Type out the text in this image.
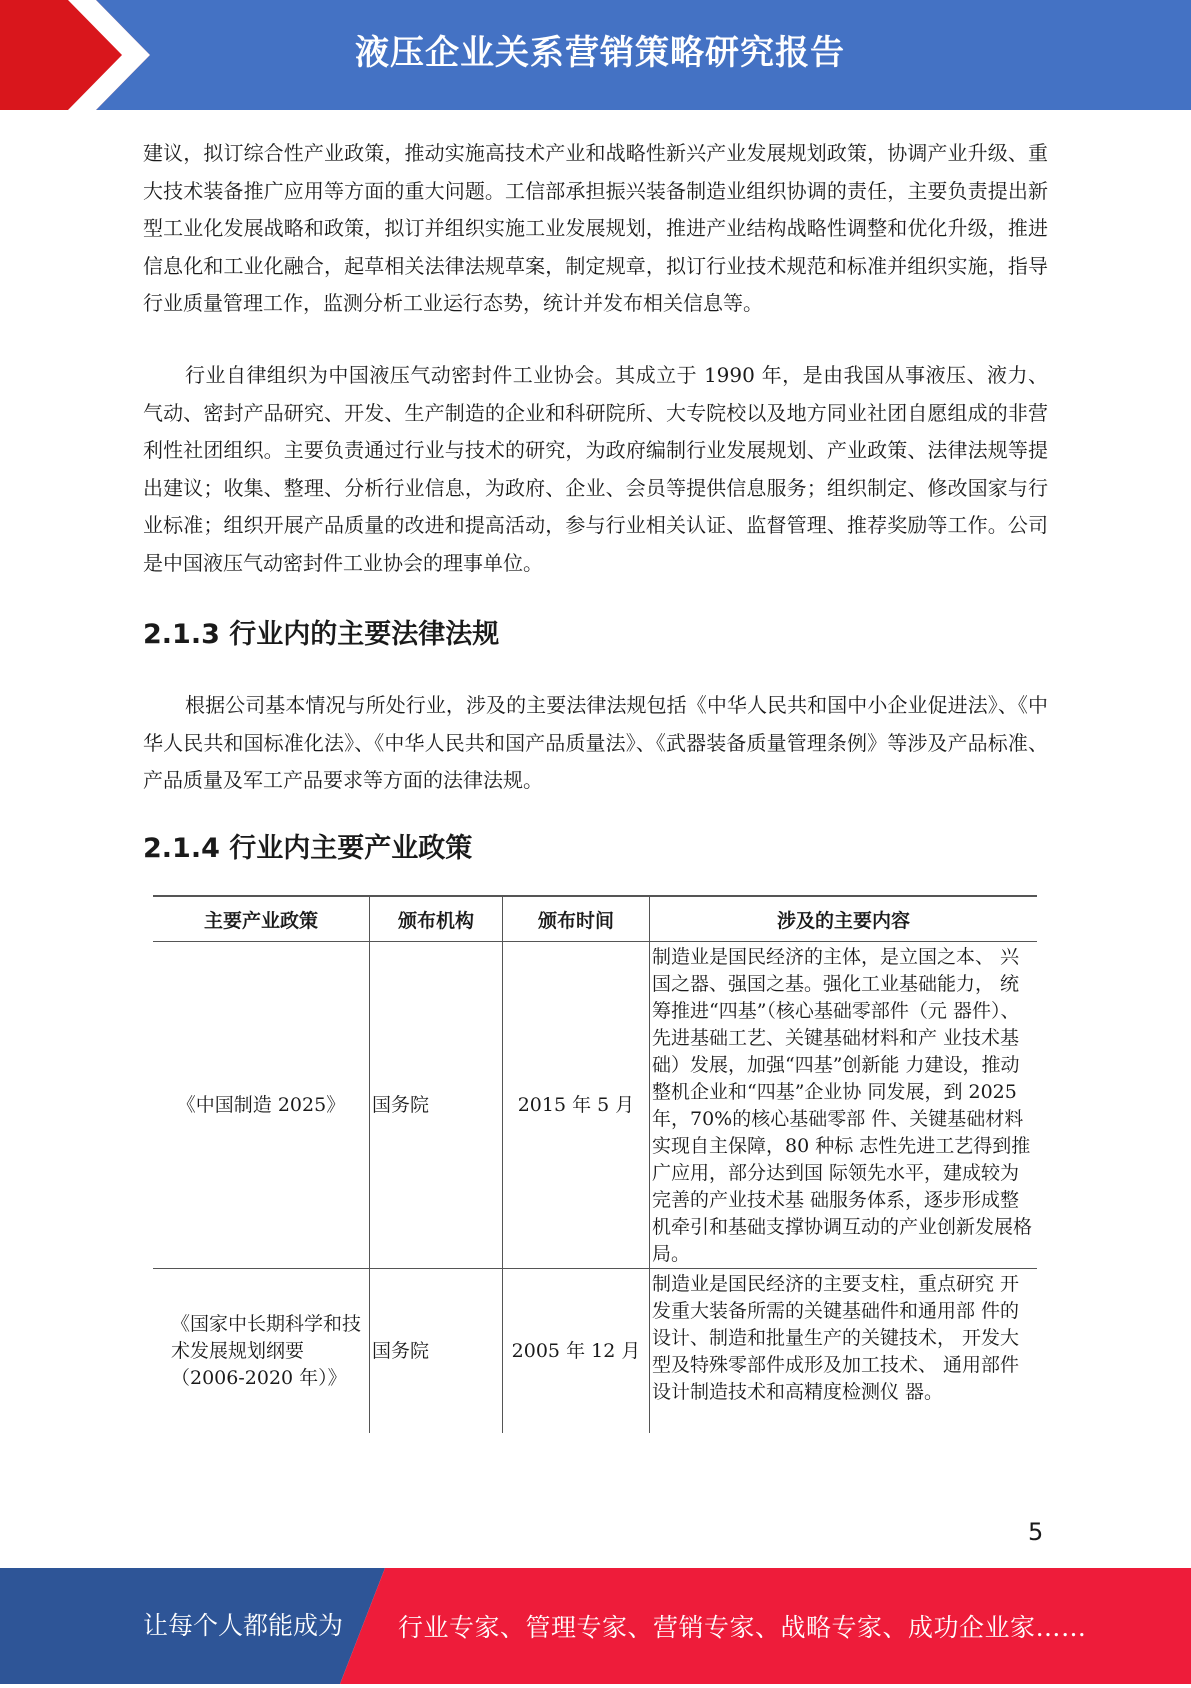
液压企业关系营销策略研究报告

建议，拟订综合性产业政策，推动实施高技术产业和战略性新兴产业发展规划政策，协调产业升级、重大技术装备推广应用等方面的重大问题。工信部承担振兴装备制造业组织协调的责任，主要负责提出新型工业化发展战略和政策，拟订并组织实施工业发展规划，推进产业结构战略性调整和优化升级，推进信息化和工业化融合，起草相关法律法规草案，制定规章，拟订行业技术规范和标准并组织实施，指导行业质量管理工作，监测分析工业运行态势，统计并发布相关信息等。

行业自律组织为中国液压气动密封件工业协会。其成立于 1990 年，是由我国从事液压、液力、气动、密封产品研究、开发、生产制造的企业和科研院所、大专院校以及地方同业社团自愿组成的非营利性社团组织。主要负责通过行业与技术的研究，为政府编制行业发展规划、产业政策、法律法规等提出建议；收集、整理、分析行业信息，为政府、企业、会员等提供信息服务；组织制定、修改国家与行业标准；组织开展产品质量的改进和提高活动，参与行业相关认证、监督管理、推荐奖励等工作。公司是中国液压气动密封件工业协会的理事单位。

2.1.3 行业内的主要法律法规

根据公司基本情况与所处行业，涉及的主要法律法规包括《中华人民共和国中小企业促进法》、《中华人民共和国标准化法》、《中华人民共和国产品质量法》、《武器装备质量管理条例》等涉及产品标准、产品质量及军工产品要求等方面的法律法规。

2.1.4 行业内主要产业政策
主要产业政策	颁布机构	颁布时间	涉及的主要内容
《中国制造 2025》	国务院	2015 年 5 月	制造业是国民经济的主体，是立国之本、 兴国之器、强国之基。强化工业基础能力， 统筹推进“四基”（核心基础零部件（元 器件）、先进基础工艺、关键基础材料和产 业技术基础）发展，加强“四基”创新能 力建设，推动整机企业和“四基”企业协 同发展，到 2025 年，70%的核心基础零部 件、关键基础材料实现自主保障，80 种标 志性先进工艺得到推广应用，部分达到国 际领先水平，建成较为完善的产业技术基 础服务体系，逐步形成整机牵引和基础支撑协调互动的产业创新发展格局。
《国家中长期科学和技术发展规划纲要（2006-2020 年）》	国务院	2005 年 12 月	制造业是国民经济的主要支柱，重点研究 开发重大装备所需的关键基础件和通用部 件的设计、制造和批量生产的关键技术， 开发大型及特殊零部件成形及加工技术、 通用部件设计制造技术和高精度检测仪 器。
5
让每个人都能成为 行业专家、管理专家、营销专家、战略专家、成功企业家……
